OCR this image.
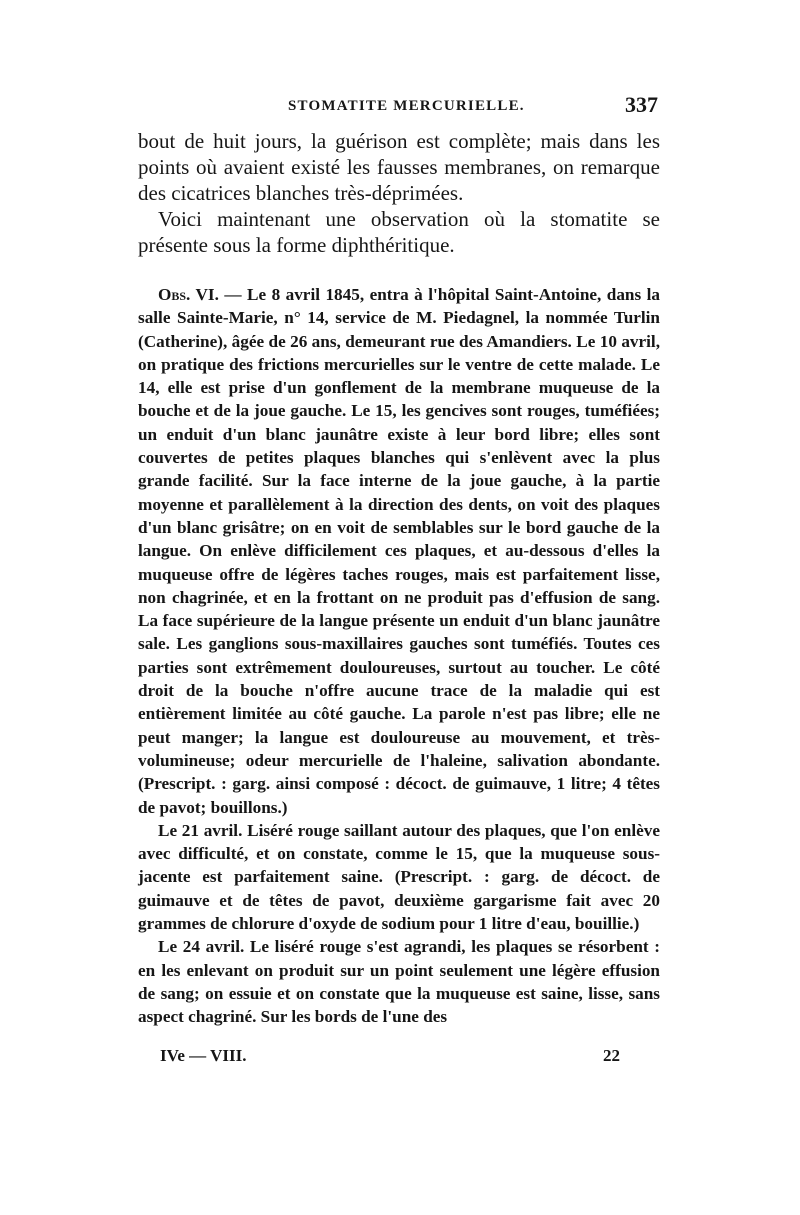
STOMATITE MERCURIELLE.	337

bout de huit jours, la guérison est complète; mais dans les points où avaient existé les fausses membranes, on remarque des cicatrices blanches très-déprimées.

Voici maintenant une observation où la stomatite se présente sous la forme diphthéritique.

Obs. VI. — Le 8 avril 1845, entra à l'hôpital Saint-Antoine, dans la salle Sainte-Marie, n° 14, service de M. Piedagnel, la nommée Turlin (Catherine), âgée de 26 ans, demeurant rue des Amandiers. Le 10 avril, on pratique des frictions mercurielles sur le ventre de cette malade. Le 14, elle est prise d'un gonflement de la membrane muqueuse de la bouche et de la joue gauche. Le 15, les gencives sont rouges, tuméfiées; un enduit d'un blanc jaunâtre existe à leur bord libre; elles sont couvertes de petites plaques blanches qui s'enlèvent avec la plus grande facilité. Sur la face interne de la joue gauche, à la partie moyenne et parallèlement à la direction des dents, on voit des plaques d'un blanc grisâtre; on en voit de semblables sur le bord gauche de la langue. On enlève difficilement ces plaques, et au-dessous d'elles la muqueuse offre de légères taches rouges, mais est parfaitement lisse, non chagrinée, et en la frottant on ne produit pas d'effusion de sang. La face supérieure de la langue présente un enduit d'un blanc jaunâtre sale. Les ganglions sous-maxillaires gauches sont tuméfiés. Toutes ces parties sont extrêmement douloureuses, surtout au toucher. Le côté droit de la bouche n'offre aucune trace de la maladie qui est entièrement limitée au côté gauche. La parole n'est pas libre; elle ne peut manger; la langue est douloureuse au mouvement, et très-volumineuse; odeur mercurielle de l'haleine, salivation abondante. (Prescript. : garg. ainsi composé : décoct. de guimauve, 1 litre; 4 têtes de pavot; bouillons.)

Le 21 avril. Liséré rouge saillant autour des plaques, que l'on enlève avec difficulté, et on constate, comme le 15, que la muqueuse sous-jacente est parfaitement saine. (Prescript. : garg. de décoct. de guimauve et de têtes de pavot, deuxième gargarisme fait avec 20 grammes de chlorure d'oxyde de sodium pour 1 litre d'eau, bouillie.)

Le 24 avril. Le liséré rouge s'est agrandi, les plaques se résorbent : en les enlevant on produit sur un point seulement une légère effusion de sang; on essuie et on constate que la muqueuse est saine, lisse, sans aspect chagriné. Sur les bords de l'une des

IVe — VIII.	22
